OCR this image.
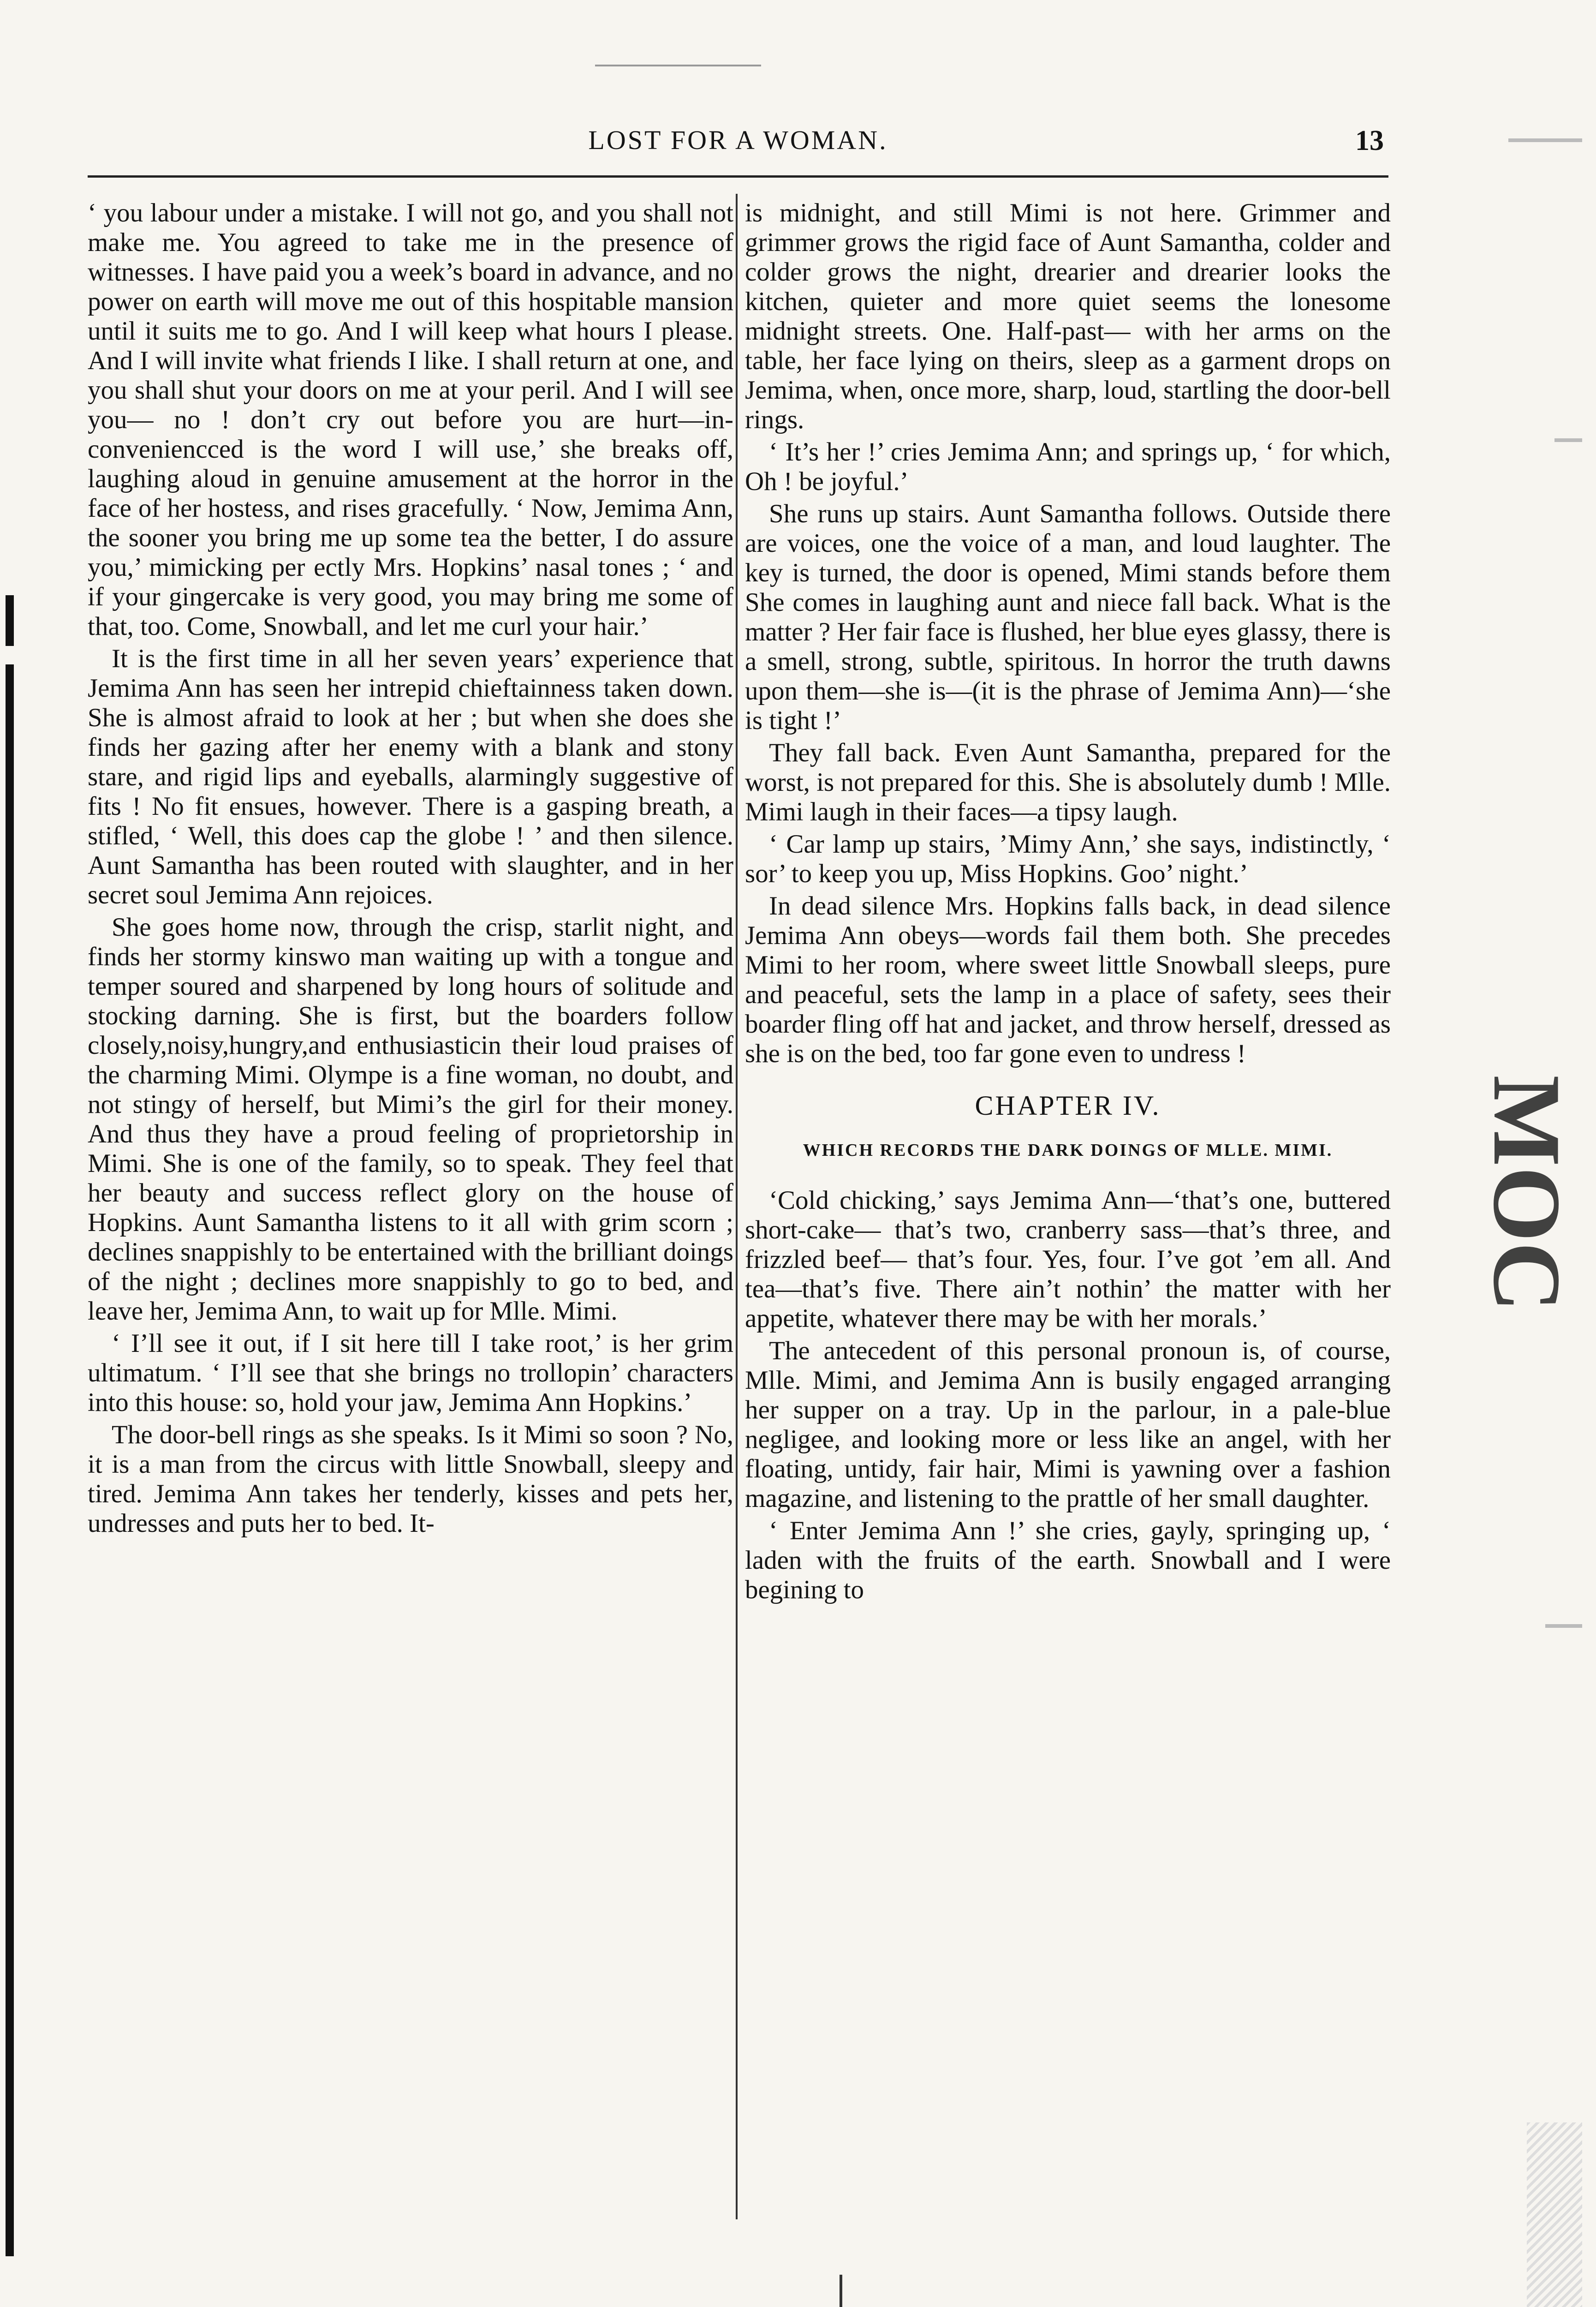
LOST FOR A WOMAN.	13

‘ you labour under a mistake. I will not go, and you shall not make me. You agreed to take me in the presence of witnesses. I have paid you a week’s board in advance, and no power on earth will move me out of this hospitable mansion until it suits me to go. And I will keep what hours I please. And I will invite what friends I like. I shall return at one, and you shall shut your doors on me at your peril. And I will see you— no ! don’t cry out before you are hurt—in-conveniencced is the word I will use,’ she breaks off, laughing aloud in genuine amusement at the horror in the face of her hostess, and rises gracefully. ‘ Now, Jemima Ann, the sooner you bring me up some tea the better, I do assure you,’ mimicking per ectly Mrs. Hopkins’ nasal tones ; ‘ and if your gingercake is very good, you may bring me some of that, too. Come, Snowball, and let me curl your hair.’

It is the first time in all her seven years’ experience that Jemima Ann has seen her intrepid chieftainness taken down. She is almost afraid to look at her ; but when she does she finds her gazing after her enemy with a blank and stony stare, and rigid lips and eyeballs, alarmingly suggestive of fits ! No fit ensues, however. There is a gasping breath, a stifled, ‘ Well, this does cap the globe ! ’ and then silence. Aunt Samantha has been routed with slaughter, and in her secret soul Jemima Ann rejoices.

She goes home now, through the crisp, starlit night, and finds her stormy kinswo man waiting up with a tongue and temper soured and sharpened by long hours of solitude and stocking darning. She is first, but the boarders follow closely,noisy,hungry,and enthusiasticin their loud praises of the charming Mimi. Olympe is a fine woman, no doubt, and not stingy of herself, but Mimi’s the girl for their money. And thus they have a proud feeling of proprietorship in Mimi. She is one of the family, so to speak. They feel that her beauty and success reflect glory on the house of Hopkins. Aunt Samantha listens to it all with grim scorn ; declines snappishly to be entertained with the brilliant doings of the night ; declines more snappishly to go to bed, and leave her, Jemima Ann, to wait up for Mlle. Mimi.

‘ I’ll see it out, if I sit here till I take root,’ is her grim ultimatum. ‘ I’ll see that she brings no trollopin’ characters into this house: so, hold your jaw, Jemima Ann Hopkins.’

The door-bell rings as she speaks. Is it Mimi so soon ? No, it is a man from the circus with little Snowball, sleepy and tired. Jemima Ann takes her tenderly, kisses and pets her, undresses and puts her to bed. It-

is midnight, and still Mimi is not here. Grimmer and grimmer grows the rigid face of Aunt Samantha, colder and colder grows the night, drearier and drearier looks the kitchen, quieter and more quiet seems the lonesome midnight streets. One. Half-past— with her arms on the table, her face lying on theirs, sleep as a garment drops on Jemima, when, once more, sharp, loud, startling the door-bell rings.

‘ It’s her !’ cries Jemima Ann; and springs up, ‘ for which, Oh ! be joyful.’

She runs up stairs. Aunt Samantha follows. Outside there are voices, one the voice of a man, and loud laughter. The key is turned, the door is opened, Mimi stands before them She comes in laughing aunt and niece fall back. What is the matter ? Her fair face is flushed, her blue eyes glassy, there is a smell, strong, subtle, spiritous. In horror the truth dawns upon them—she is—(it is the phrase of Jemima Ann)—‘she is tight !’

They fall back. Even Aunt Samantha, prepared for the worst, is not prepared for this. She is absolutely dumb ! Mlle. Mimi laugh in their faces—a tipsy laugh.

‘ Car lamp up stairs, ’Mimy Ann,’ she says, indistinctly, ‘ sor’ to keep you up, Miss Hopkins. Goo’ night.’

In dead silence Mrs. Hopkins falls back, in dead silence Jemima Ann obeys—words fail them both. She precedes Mimi to her room, where sweet little Snowball sleeps, pure and peaceful, sets the lamp in a place of safety, sees their boarder fling off hat and jacket, and throw herself, dressed as she is on the bed, too far gone even to undress !

CHAPTER IV.
WHICH RECORDS THE DARK DOINGS OF MLLE. MIMI.

‘Cold chicking,’ says Jemima Ann—‘that’s one, buttered short-cake— that’s two, cranberry sass—that’s three, and frizzled beef— that’s four. Yes, four. I’ve got ’em all. And tea—that’s five. There ain’t nothin’ the matter with her appetite, whatever there may be with her morals.’

The antecedent of this personal pronoun is, of course, Mlle. Mimi, and Jemima Ann is busily engaged arranging her supper on a tray. Up in the parlour, in a pale-blue negligee, and looking more or less like an angel, with her floating, untidy, fair hair, Mimi is yawning over a fashion magazine, and listening to the prattle of her small daughter.

‘ Enter Jemima Ann !’ she cries, gayly, springing up, ‘ laden with the fruits of the earth. Snowball and I were begining to

MOC
